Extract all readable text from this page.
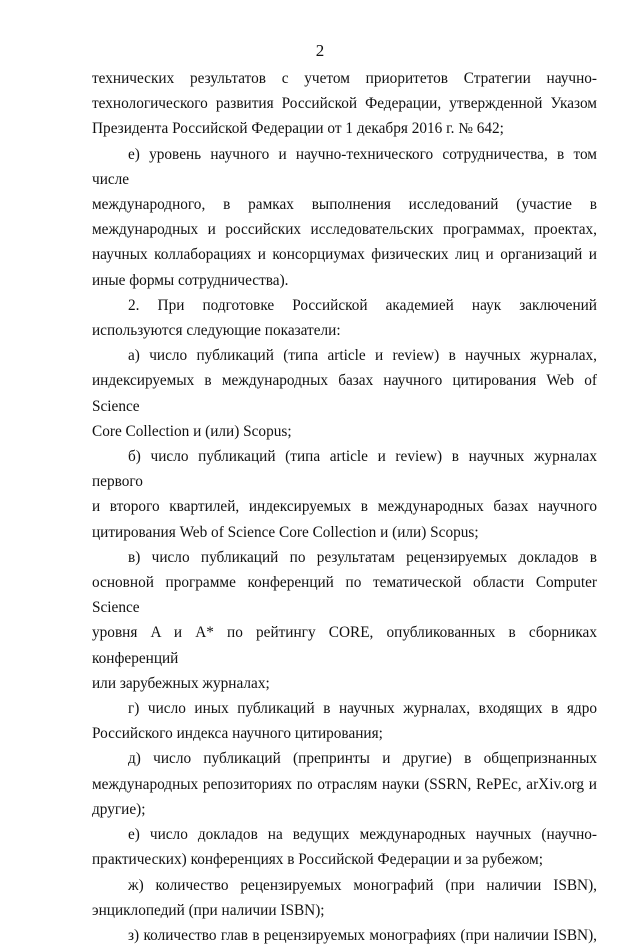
2
технических результатов с учетом приоритетов Стратегии научно-
технологического развития Российской Федерации, утвержденной Указом
Президента Российской Федерации от 1 декабря 2016 г. № 642;
е) уровень научного и научно-технического сотрудничества, в том числе
международного, в рамках выполнения исследований (участие в
международных и российских исследовательских программах, проектах,
научных коллаборациях и консорциумах физических лиц и организаций и
иные формы сотрудничества).
2. При подготовке Российской академией наук заключений
используются следующие показатели:
а) число публикаций (типа article и review) в научных журналах,
индексируемых в международных базах научного цитирования Web of Science
Core Collection и (или) Scopus;
б) число публикаций (типа article и review) в научных журналах первого
и второго квартилей, индексируемых в международных базах научного
цитирования Web of Science Core Collection и (или) Scopus;
в) число публикаций по результатам рецензируемых докладов в
основной программе конференций по тематической области Computer Science
уровня A и A* по рейтингу CORE, опубликованных в сборниках конференций
или зарубежных журналах;
г) число иных публикаций в научных журналах, входящих в ядро
Российского индекса научного цитирования;
д) число публикаций (препринты и другие) в общепризнанных
международных репозиториях по отраслям науки (SSRN, RePEc, arXiv.org и
другие);
е) число докладов на ведущих международных научных (научно-
практических) конференциях в Российской Федерации и за рубежом;
ж) количество рецензируемых монографий (при наличии ISBN),
энциклопедий (при наличии ISBN);
з) количество глав в рецензируемых монографиях (при наличии ISBN),
